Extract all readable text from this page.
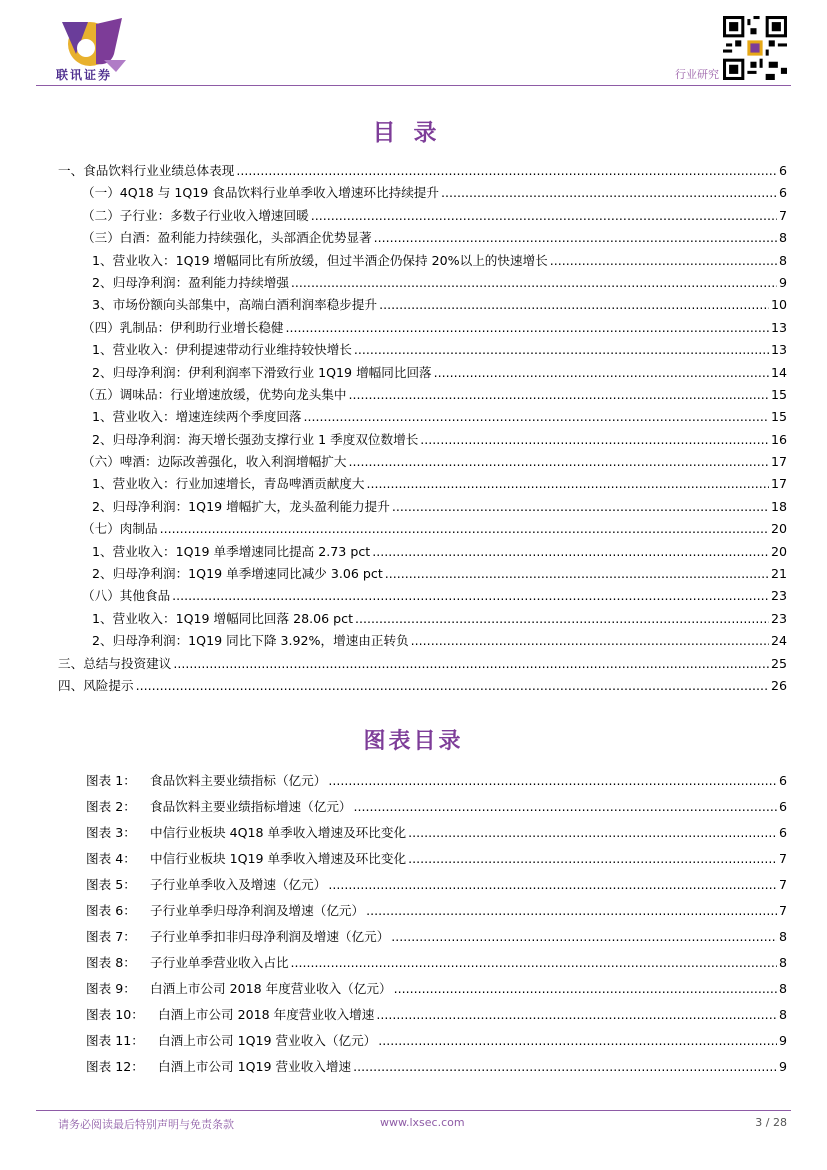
联讯证券	行业研究
目录
一、食品饮料行业业绩总体表现 .....	6
（一）4Q18 与 1Q19 食品饮料行业单季收入增速环比持续提升 .....	6
（二）子行业：多数子行业收入增速回暖 .....	7
（三）白酒：盈利能力持续强化，头部酒企优势显著 .....	8
1、营业收入：1Q19 增幅同比有所放缓，但过半酒企仍保持 20%以上的快速增长 .....	8
2、归母净利润：盈利能力持续增强 .....	9
3、市场份额向头部集中，高端白酒利润率稳步提升 .....	10
（四）乳制品：伊利助行业增长稳健 .....	13
1、营业收入：伊利提速带动行业维持较快增长 .....	13
2、归母净利润：伊利利润率下滑致行业 1Q19 增幅同比回落 .....	14
（五）调味品：行业增速放缓，优势向龙头集中 .....	15
1、营业收入：增速连续两个季度回落 .....	15
2、归母净利润：海天增长强劲支撑行业 1 季度双位数增长 .....	16
（六）啤酒：边际改善强化，收入利润增幅扩大 .....	17
1、营业收入：行业加速增长，青岛啤酒贡献度大 .....	17
2、归母净利润：1Q19 增幅扩大，龙头盈利能力提升 .....	18
（七）肉制品 .....	20
1、营业收入：1Q19 单季增速同比提高 2.73 pct .....	20
2、归母净利润：1Q19 单季增速同比减少 3.06 pct .....	21
（八）其他食品 .....	23
1、营业收入：1Q19 增幅同比回落 28.06 pct .....	23
2、归母净利润：1Q19 同比下降 3.92%，增速由正转负 .....	24
三、总结与投资建议 .....	25
四、风险提示 .....	26
图表目录
图表 1：	食品饮料主要业绩指标（亿元） .....	6
图表 2：	食品饮料主要业绩指标增速（亿元） .....	6
图表 3：	中信行业板块 4Q18 单季收入增速及环比变化 .....	6
图表 4：	中信行业板块 1Q19 单季收入增速及环比变化 .....	7
图表 5：	子行业单季收入及增速（亿元） .....	7
图表 6：	子行业单季归母净利润及增速（亿元） .....	7
图表 7：	子行业单季扣非归母净利润及增速（亿元） .....	8
图表 8：	子行业单季营业收入占比 .....	8
图表 9：	白酒上市公司 2018 年度营业收入（亿元） .....	8
图表 10：	白酒上市公司 2018 年度营业收入增速 .....	8
图表 11：	白酒上市公司 1Q19 营业收入（亿元） .....	9
图表 12：	白酒上市公司 1Q19 营业收入增速 .....	9
请务必阅读最后特别声明与免责条款	www.lxsec.com	3 / 28
